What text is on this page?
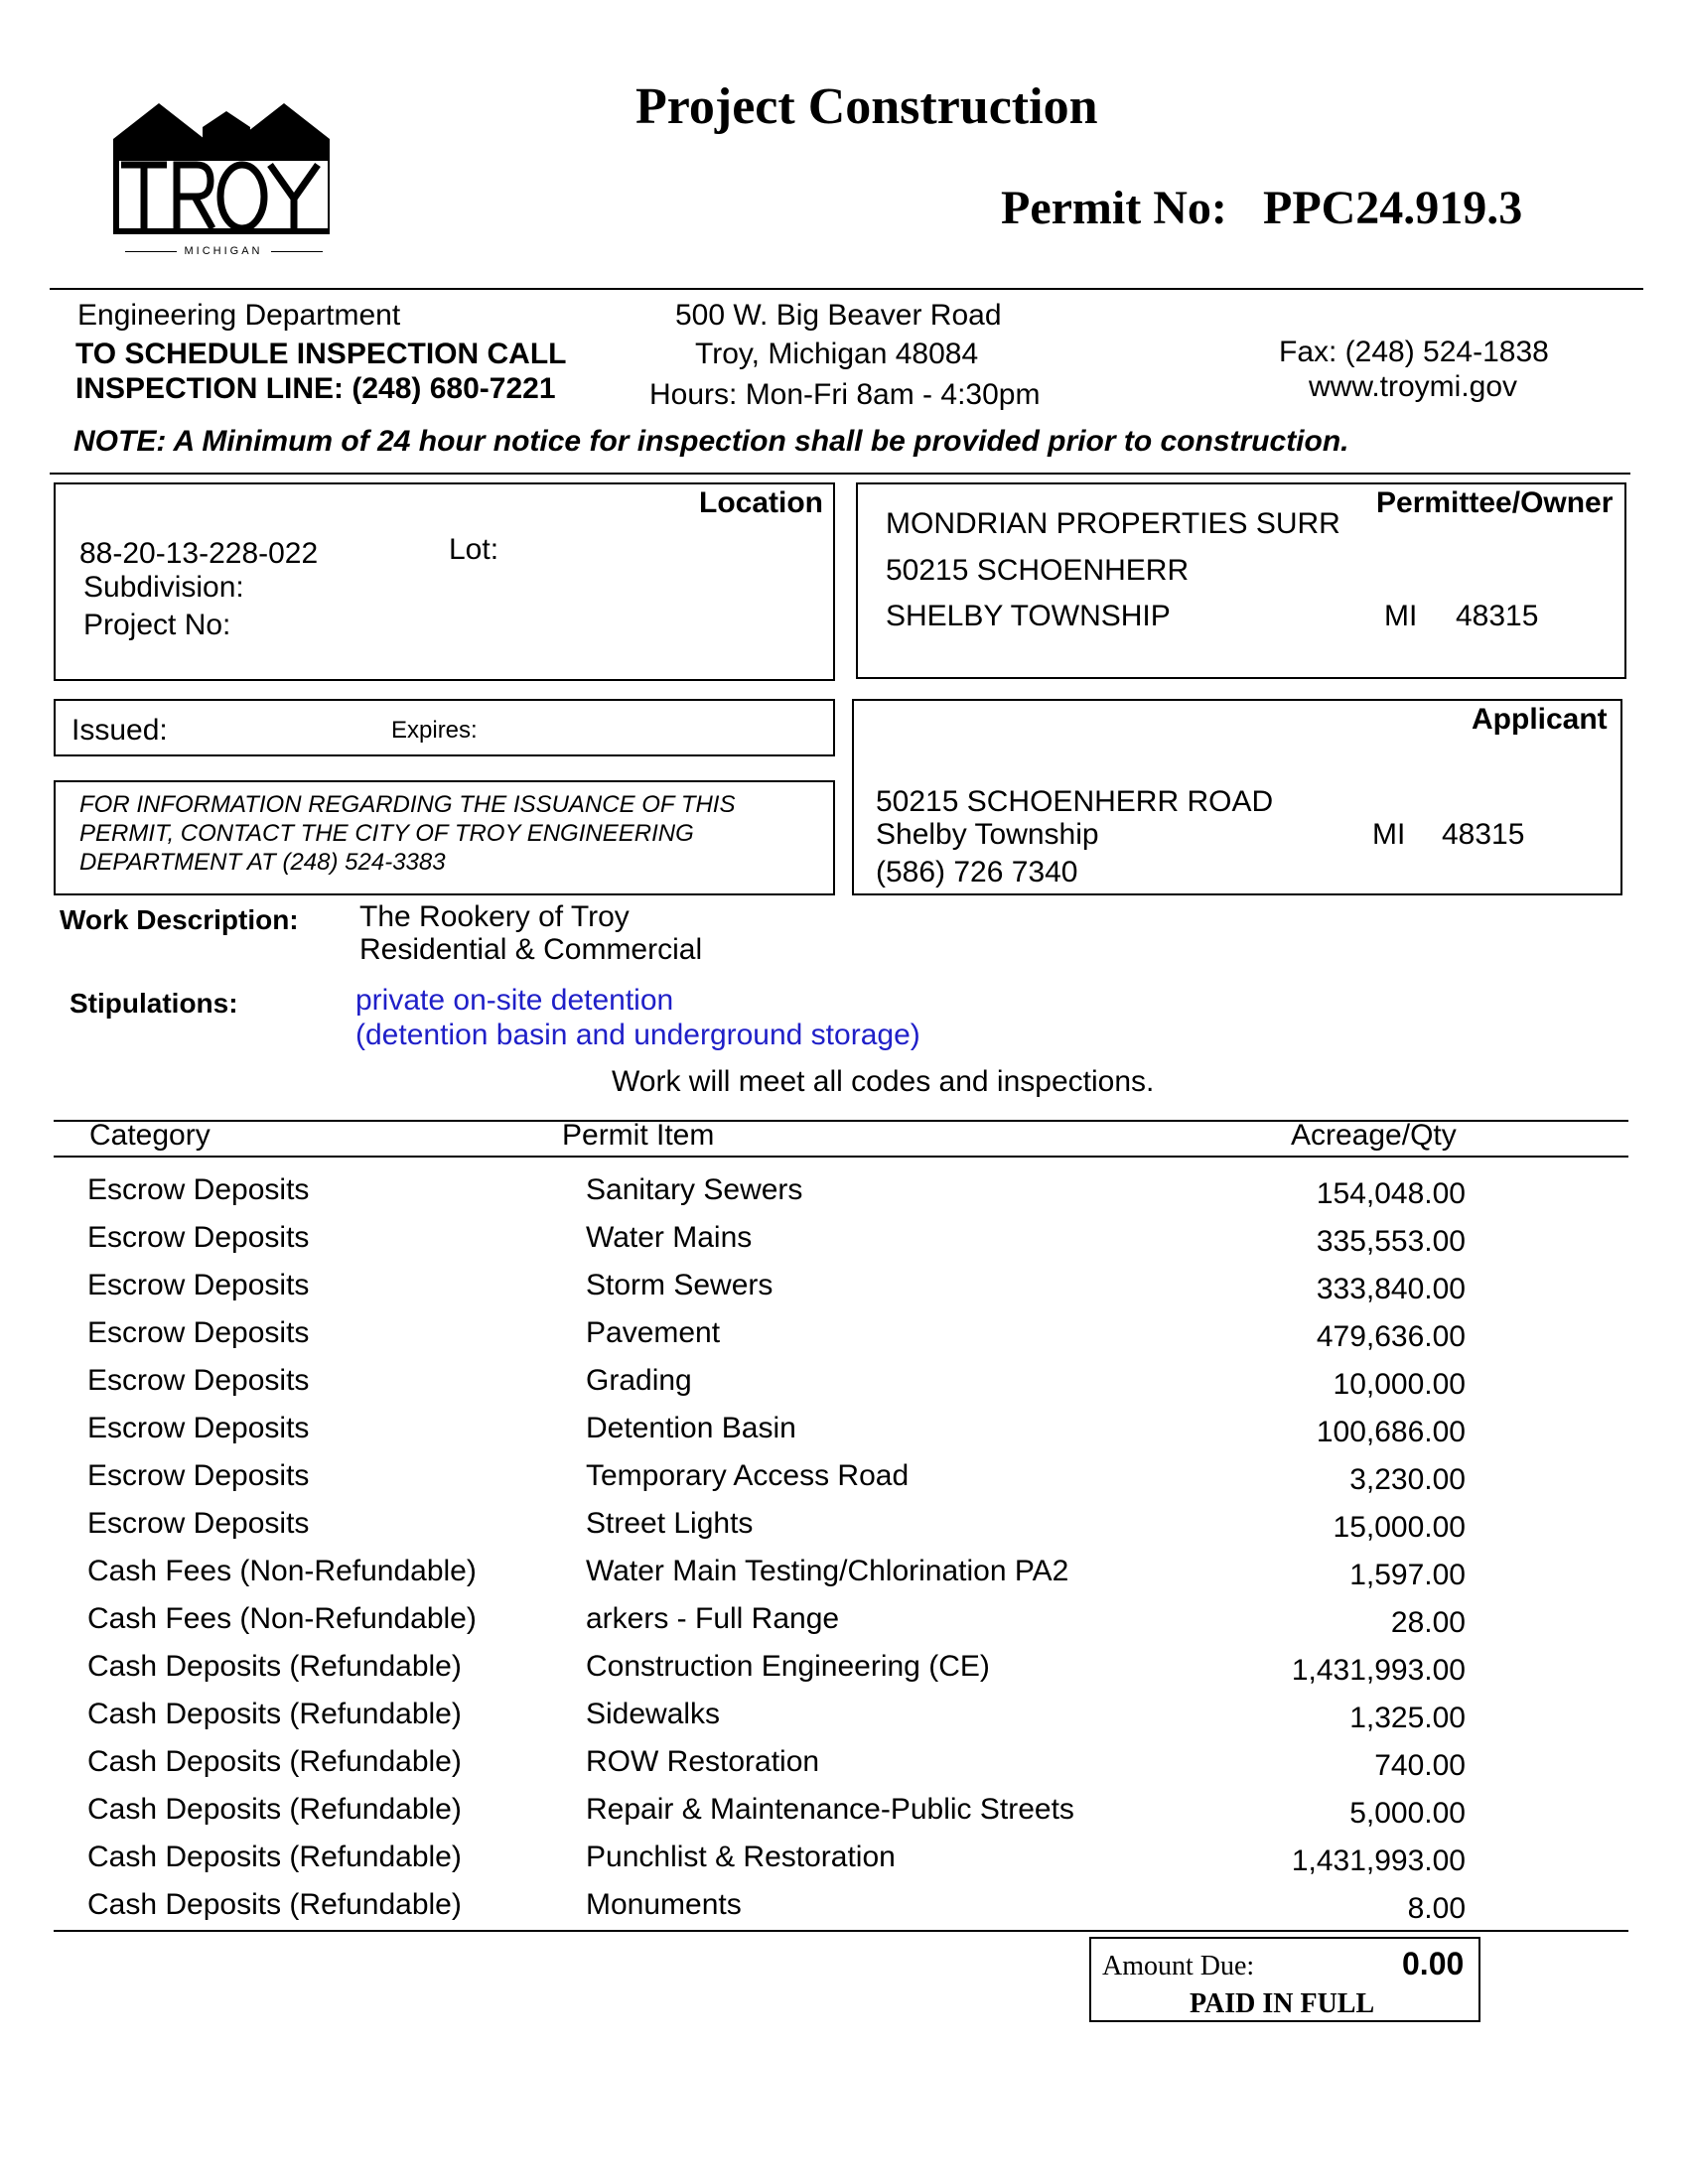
MICHIGAN
Project Construction
Permit No: PPC24.919.3
Engineering Department
TO SCHEDULE INSPECTION CALL
INSPECTION LINE: (248) 680-7221
500 W. Big Beaver Road
Troy, Michigan 48084
Hours: Mon-Fri 8am - 4:30pm
Fax: (248) 524-1838
www.troymi.gov
NOTE: A Minimum of 24 hour notice for inspection shall be provided prior to construction.
Location
88-20-13-228-022	Lot:
Subdivision:
Project No:
Permittee/Owner
MONDRIAN PROPERTIES SURR
50215 SCHOENHERR
SHELBY TOWNSHIP	MI 48315
Issued:	Expires:
FOR INFORMATION REGARDING THE ISSUANCE OF THIS PERMIT, CONTACT THE CITY OF TROY ENGINEERING DEPARTMENT AT (248) 524-3383
Applicant
50215 SCHOENHERR ROAD
Shelby Township	MI 48315
(586) 726 7340
Work Description: The Rookery of Troy
Residential & Commercial
Stipulations:	private on-site detention
(detention basin and underground storage)
Work will meet all codes and inspections.
Category	Permit Item	Acreage/Qty
Escrow Deposits	Sanitary Sewers	154,048.00
Escrow Deposits	Water Mains	335,553.00
Escrow Deposits	Storm Sewers	333,840.00
Escrow Deposits	Pavement	479,636.00
Escrow Deposits	Grading	10,000.00
Escrow Deposits	Detention Basin	100,686.00
Escrow Deposits	Temporary Access Road	3,230.00
Escrow Deposits	Street Lights	15,000.00
Cash Fees (Non-Refundable)	Water Main Testing/Chlorination PA2	1,597.00
Cash Fees (Non-Refundable)	arkers - Full Range	28.00
Cash Deposits (Refundable)	Construction Engineering (CE)	1,431,993.00
Cash Deposits (Refundable)	Sidewalks	1,325.00
Cash Deposits (Refundable)	ROW Restoration	740.00
Cash Deposits (Refundable)	Repair & Maintenance-Public Streets	5,000.00
Cash Deposits (Refundable)	Punchlist & Restoration	1,431,993.00
Cash Deposits (Refundable)	Monuments	8.00
Amount Due:	0.00
PAID IN FULL
